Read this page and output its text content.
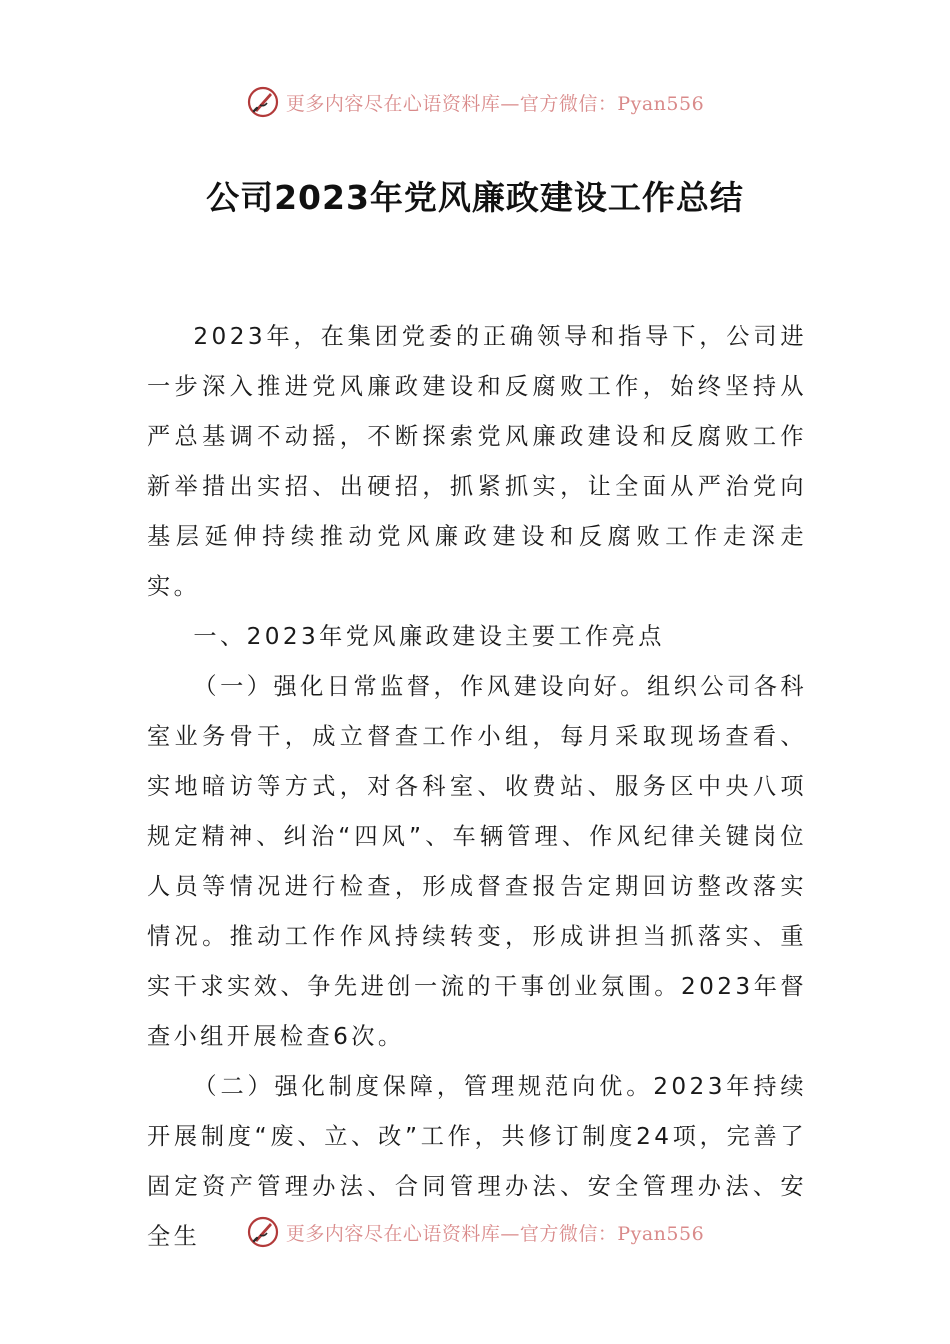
更多内容尽在心语资料库—官方微信：Pyan556
公司2023年党风廉政建设工作总结

2023年，在集团党委的正确领导和指导下，公司进一步深入推进党风廉政建设和反腐败工作，始终坚持从严总基调不动摇，不断探索党风廉政建设和反腐败工作新举措出实招、出硬招，抓紧抓实，让全面从严治党向基层延伸持续推动党风廉政建设和反腐败工作走深走实。

一、2023年党风廉政建设主要工作亮点

（一）强化日常监督，作风建设向好。组织公司各科室业务骨干，成立督查工作小组，每月采取现场查看、实地暗访等方式，对各科室、收费站、服务区中央八项规定精神、纠治“四风”、车辆管理、作风纪律关键岗位人员等情况进行检查，形成督查报告定期回访整改落实情况。推动工作作风持续转变，形成讲担当抓落实、重实干求实效、争先进创一流的干事创业氛围。2023年督查小组开展检查6次。

（二）强化制度保障，管理规范向优。2023年持续开展制度“废、立、改”工作，共修订制度24项，完善了固定资产管理办法、合同管理办法、安全管理办法、安全生	更多内容尽在心语资料库—官方微信：Pyan556
